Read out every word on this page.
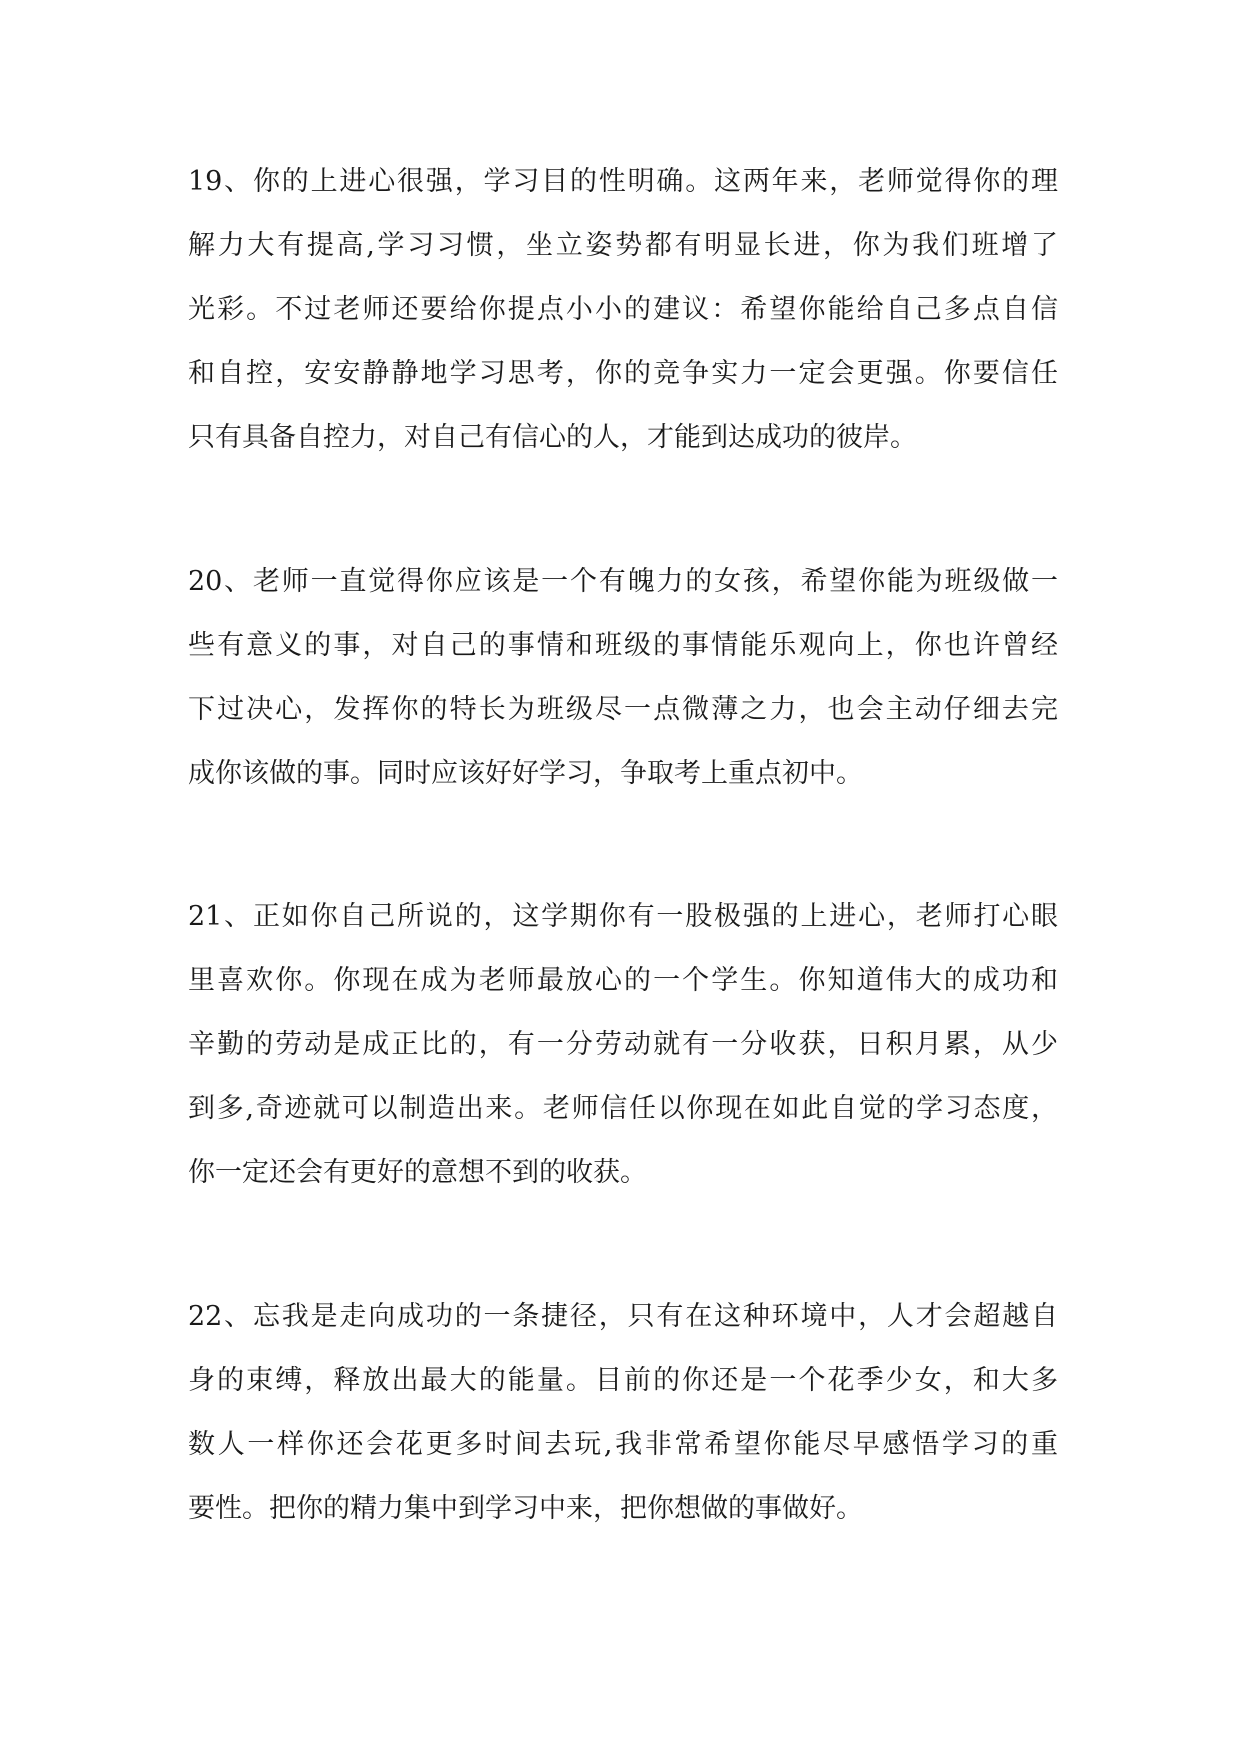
19、你的上进心很强，学习目的性明确。这两年来，老师觉得你的理
解力大有提高,学习习惯，坐立姿势都有明显长进，你为我们班增了
光彩。不过老师还要给你提点小小的建议：希望你能给自己多点自信
和自控，安安静静地学习思考，你的竞争实力一定会更强。你要信任
只有具备自控力，对自己有信心的人，才能到达成功的彼岸。
20、老师一直觉得你应该是一个有魄力的女孩，希望你能为班级做一
些有意义的事，对自己的事情和班级的事情能乐观向上，你也许曾经
下过决心，发挥你的特长为班级尽一点微薄之力，也会主动仔细去完
成你该做的事。同时应该好好学习，争取考上重点初中。
21、正如你自己所说的，这学期你有一股极强的上进心，老师打心眼
里喜欢你。你现在成为老师最放心的一个学生。你知道伟大的成功和
辛勤的劳动是成正比的，有一分劳动就有一分收获，日积月累，从少
到多,奇迹就可以制造出来。老师信任以你现在如此自觉的学习态度，
你一定还会有更好的意想不到的收获。
22、忘我是走向成功的一条捷径，只有在这种环境中，人才会超越自
身的束缚，释放出最大的能量。目前的你还是一个花季少女，和大多
数人一样你还会花更多时间去玩,我非常希望你能尽早感悟学习的重
要性。把你的精力集中到学习中来，把你想做的事做好。
